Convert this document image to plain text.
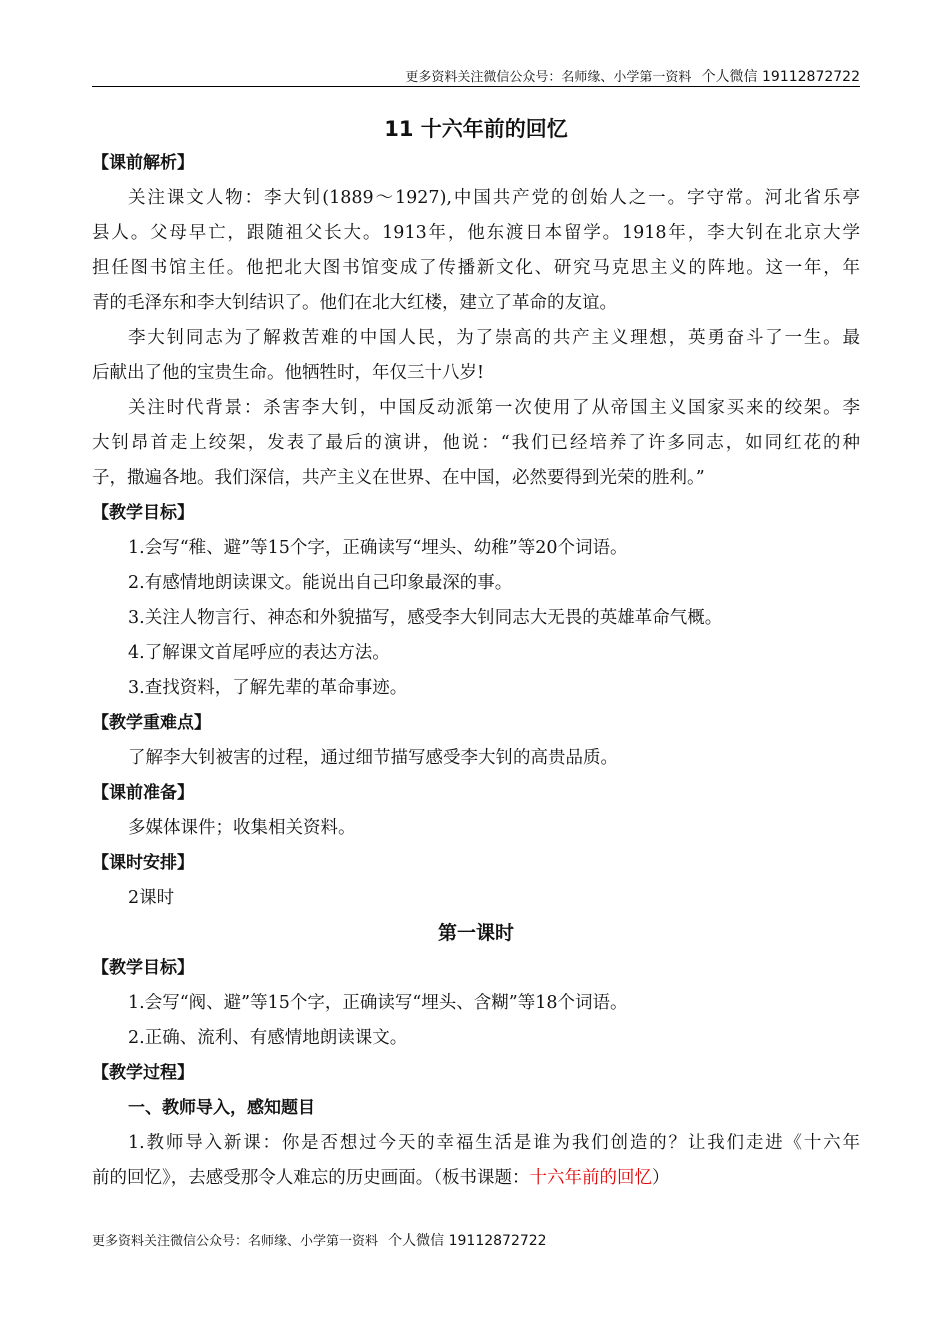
更多资料关注微信公众号：名师缘、小学第一资料 个人微信 19112872722
11 十六年前的回忆
【课前解析】
关注课文人物：李大钊(1889～1927),中国共产党的创始人之一。字守常。河北省乐亭
县人。父母早亡，跟随祖父长大。1913年，他东渡日本留学。1918年，李大钊在北京大学
担任图书馆主任。他把北大图书馆变成了传播新文化、研究马克思主义的阵地。这一年，年
青的毛泽东和李大钊结识了。他们在北大红楼，建立了革命的友谊。
李大钊同志为了解救苦难的中国人民，为了崇高的共产主义理想，英勇奋斗了一生。最
后献出了他的宝贵生命。他牺牲时，年仅三十八岁!
关注时代背景：杀害李大钊，中国反动派第一次使用了从帝国主义国家买来的绞架。李
大钊昂首走上绞架，发表了最后的演讲，他说：“我们已经培养了许多同志，如同红花的种
子，撒遍各地。我们深信，共产主义在世界、在中国，必然要得到光荣的胜利。”
【教学目标】
1.会写“稚、避”等15个字，正确读写“埋头、幼稚”等20个词语。
2.有感情地朗读课文。能说出自己印象最深的事。
3.关注人物言行、神态和外貌描写，感受李大钊同志大无畏的英雄革命气概。
4.了解课文首尾呼应的表达方法。
3.查找资料，了解先辈的革命事迹。
【教学重难点】
了解李大钊被害的过程，通过细节描写感受李大钊的高贵品质。
【课前准备】
多媒体课件；收集相关资料。
【课时安排】
2课时
第一课时
【教学目标】
1.会写“阀、避”等15个字，正确读写“埋头、含糊”等18个词语。
2.正确、流利、有感情地朗读课文。
【教学过程】
一、教师导入，感知题目
1.教师导入新课：你是否想过今天的幸福生活是谁为我们创造的？让我们走进《十六年
前的回忆》，去感受那令人难忘的历史画面。（板书课题：十六年前的回忆）
更多资料关注微信公众号：名师缘、小学第一资料 个人微信 19112872722
